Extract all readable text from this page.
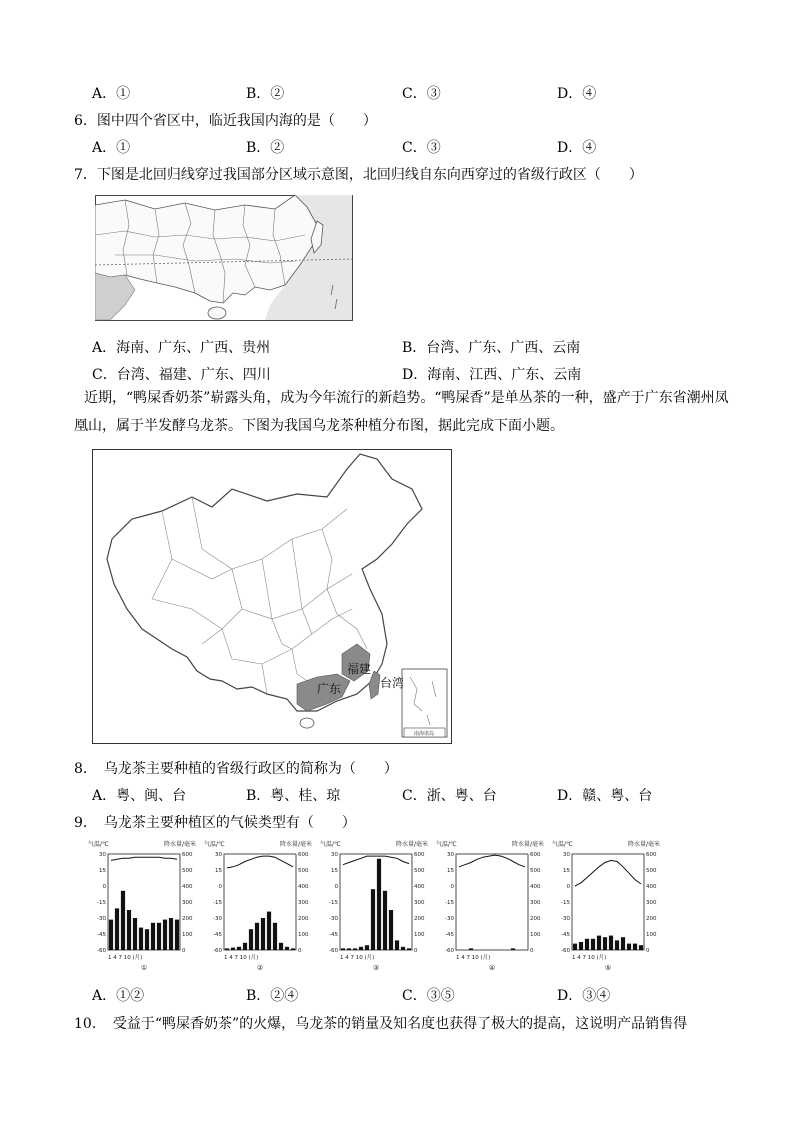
A．①	B．②	C．③	D．④
6．图中四个省区中，临近我国内海的是（　　）
A．①	B．②	C．③	D．④
7．下图是北回归线穿过我国部分区域示意图，北回归线自东向西穿过的省级行政区（　　）
A．海南、广东、广西、贵州	B．台湾、广东、广西、云南
C．台湾、福建、广东、四川	D．海南、江西、广东、云南
近期，“鸭屎香奶茶”崭露头角，成为今年流行的新趋势。“鸭屎香”是单丛茶的一种，盛产于广东省潮州凤凰山，属于半发酵乌龙茶。下图为我国乌龙茶种植分布图，据此完成下面小题。
南海诸岛
福建
广东	台湾
8．　乌龙茶主要种植的省级行政区的简称为（　　）
A．粤、闽、台	B．粤、桂、琼	C．浙、粤、台	D．赣、粤、台
9．　乌龙茶主要种植区的气候类型有（　　）
气温/℃	降水量/毫米
30	600
15	500
0	400
-15	300
-30	200
-45	100
-60	0
1 4 7 10 (月)
①
气温/℃	降水量/毫米
30	600
15	500
0	400
-15	300
-30	200
-45	100
-60	0
1 4 7 10 (月)
②
气温/℃	降水量/毫米
30	600
15	500
0	400
-15	300
-30	200
-45	100
-60	0
1 4 7 10 (月)
③
气温/℃	降水量/毫米
30	600
15	500
0	400
-15	300
-30	200
-45	100
-60	0
1 4 7 10 (月)
④
气温/℃	降水量/毫米
30	600
15	500
0	400
-15	300
-30	200
-45	100
-60	0
1 4 7 10 (月)
⑤
A．①②	B．②④	C．③⑤	D．③④
10．　受益于“鸭屎香奶茶”的火爆，乌龙茶的销量及知名度也获得了极大的提高，这说明产品销售得
